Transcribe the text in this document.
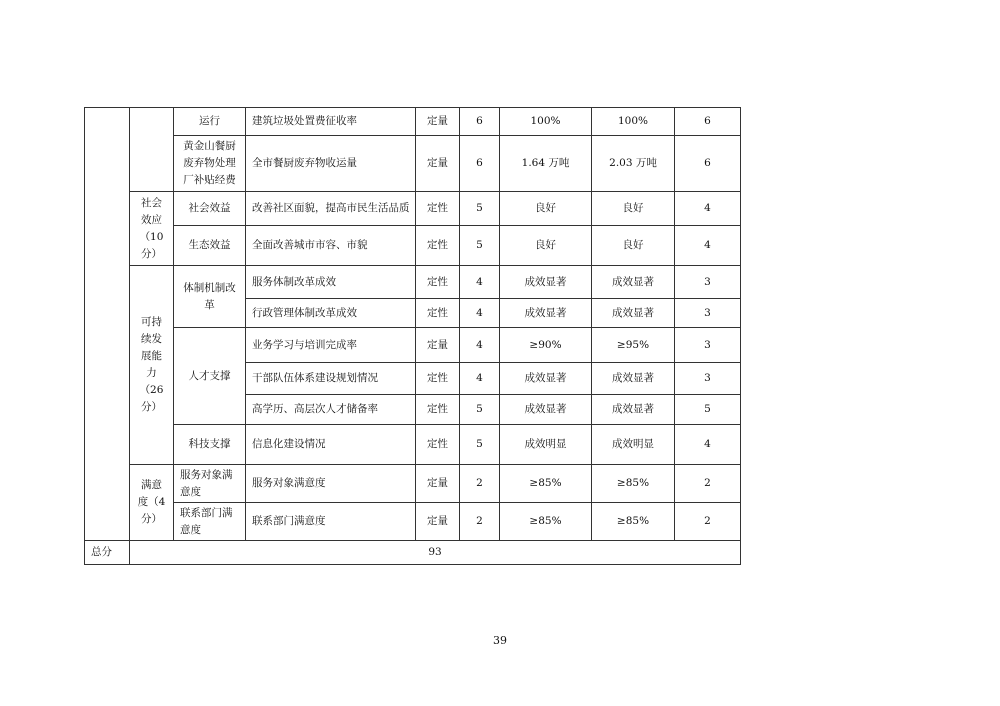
		运行	建筑垃圾处置费征收率	定量	6	100%	100%	6
		黄金山餐厨废弃物处理厂补贴经费	全市餐厨废弃物收运量	定量	6	1.64 万吨	2.03 万吨	6
	社会效应（10分）	社会效益	改善社区面貌，提高市民生活品质	定性	5	良好	良好	4
		生态效益	全面改善城市市容、市貌	定性	5	良好	良好	4
	可持续发展能力（26分）	体制机制改革	服务体制改革成效	定性	4	成效显著	成效显著	3
			行政管理体制改革成效	定性	4	成效显著	成效显著	3
		人才支撑	业务学习与培训完成率	定量	4	≥90%	≥95%	3
			干部队伍体系建设规划情况	定性	4	成效显著	成效显著	3
			高学历、高层次人才储备率	定性	5	成效显著	成效显著	5
		科技支撑	信息化建设情况	定性	5	成效明显	成效明显	4
	满意度（4分）	服务对象满意度	服务对象满意度	定量	2	≥85%	≥85%	2
		联系部门满意度	联系部门满意度	定量	2	≥85%	≥85%	2
总分	93							
39
